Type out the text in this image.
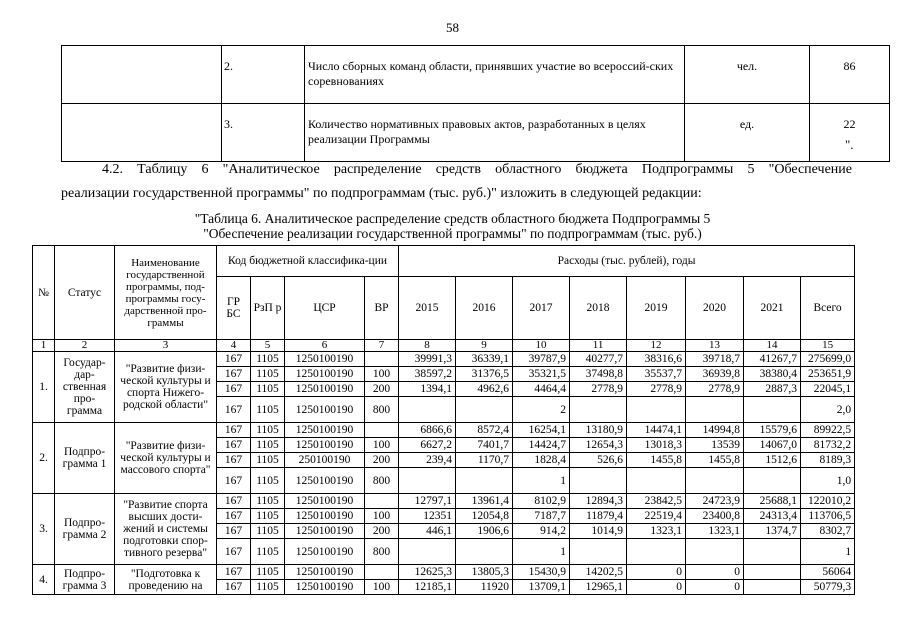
58
	2.	Число сборных команд области, принявших участие во всероссий-ских соревнованиях	чел.	86
	3.	Количество нормативных правовых актов, разработанных в целях реализации Программы	ед.	22
".
4.2. Таблицу 6 "Аналитическое распределение средств областного бюджета Подпрограммы 5 "Обеспечение
реализации государственной программы" по подпрограммам (тыс. руб.)" изложить в следующей редакции:
"Таблица 6. Аналитическое распределение средств областного бюджета Подпрограммы 5
"Обеспечение реализации государственной программы" по подпрограммам (тыс. руб.)
№	Статус	Наименование государственной программы, под-программы госу-дарственной про-граммы	Код бюджетной классифика-ции				Расходы (тыс. рублей), годы							
			ГР БС	РзП р	ЦСР	ВР	2015	2016	2017	2018	2019	2020	2021	Всего
1	2	3	4	5	6	7	8	9	10	11	12	13	14	15
1.	Государ-дар-ственная про-грамма	"Развитие физи-ческой культуры и спорта Нижего-родской области"	167	1105	1250100190		39991,3	36339,1	39787,9	40277,7	38316,6	39718,7	41267,7	275699,0
			167	1105	1250100190	100	38597,2	31376,5	35321,5	37498,8	35537,7	36939,8	38380,4	253651,9
			167	1105	1250100190	200	1394,1	4962,6	4464,4	2778,9	2778,9	2778,9	2887,3	22045,1
			167	1105	1250100190	800			2					2,0
2.	Подпро-грамма 1	"Развитие физи-ческой культуры и массового спорта"	167	1105	1250100190		6866,6	8572,4	16254,1	13180,9	14474,1	14994,8	15579,6	89922,5
			167	1105	1250100190	100	6627,2	7401,7	14424,7	12654,3	13018,3	13539	14067,0	81732,2
			167	1105	250100190	200	239,4	1170,7	1828,4	526,6	1455,8	1455,8	1512,6	8189,3
			167	1105	1250100190	800			1					1,0
3.	Подпро-грамма 2	"Развитие спорта высших дости-жений и системы подготовки спор-тивного резерва"	167	1105	1250100190		12797,1	13961,4	8102,9	12894,3	23842,5	24723,9	25688,1	122010,2
			167	1105	1250100190	100	12351	12054,8	7187,7	11879,4	22519,4	23400,8	24313,4	113706,5
			167	1105	1250100190	200	446,1	1906,6	914,2	1014,9	1323,1	1323,1	1374,7	8302,7
			167	1105	1250100190	800			1					1
4.	Подпро-грамма 3	"Подготовка к проведению на	167	1105	1250100190		12625,3	13805,3	15430,9	14202,5	0	0		56064
			167	1105	1250100190	100	12185,1	11920	13709,1	12965,1	0	0		50779,3
